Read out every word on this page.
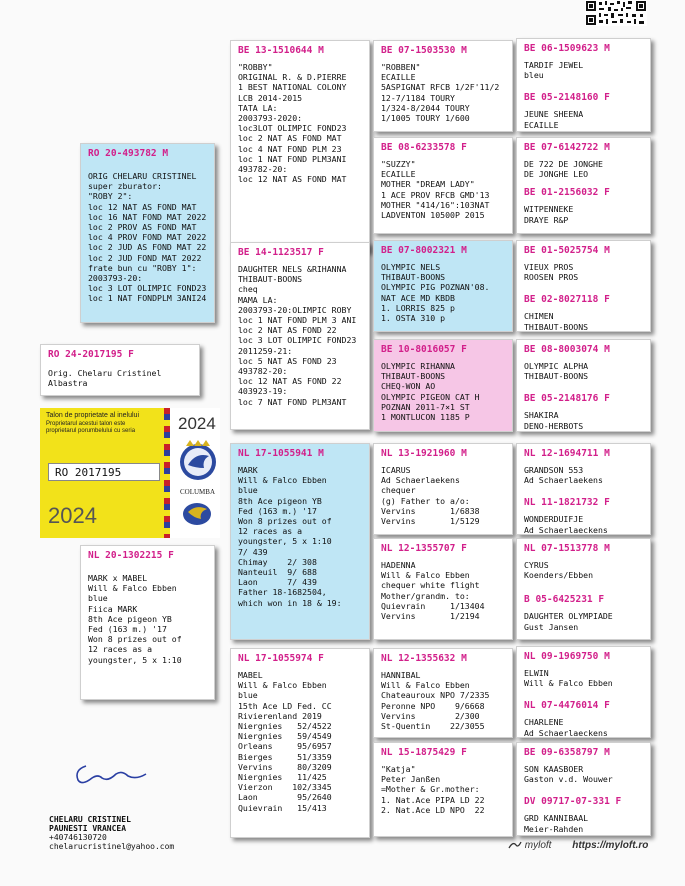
BE 13-1510644 M
"ROBBY"
ORIGINAL R. & D.PIERRE
1 BEST NATIONAL COLONY
LCB 2014-2015
TATA LA:
2003793-2020:
loc3LOT OLIMPIC FOND23
loc 2 NAT AS FOND MAT
loc 4 NAT FOND PLM 23
loc 1 NAT FOND PLM3ANI
493782-20:
loc 12 NAT AS FOND MAT
BE 14-1123517 F
DAUGHTER NELS &RIHANNA
THIBAUT-BOONS
cheq
MAMA LA:
2003793-20:OLIMPIC ROBY
loc 1 NAT FOND PLM 3 ANI
loc 2 NAT AS FOND 22
loc 3 LOT OLIMPIC FOND23
2011259-21:
loc 5 NAT AS FOND 23
493782-20:
loc 12 NAT AS FOND 22
403923-19:
loc 7 NAT FOND PLM3ANT
NL 17-1055941 M
MARK
Will & Falco Ebben
blue
8th Ace pigeon YB
Fed (163 m.) '17
Won 8 prizes out of
12 races as a
youngster, 5 x 1:10
7/ 439
Chimay    2/ 308
Nanteuil  9/ 688
Laon      7/ 439
Father 18-1682504,
which won in 18 & 19:
NL 17-1055974 F
MABEL
Will & Falco Ebben
blue
15th Ace LD Fed. CC
Rivierenland 2019
Niergnies   52/4522
Niergnies   59/4549
Orleans     95/6957
Bierges     51/3359
Vervins     80/3209
Niergnies   11/425
Vierzon    102/3345
Laon        95/2640
Quievrain   15/413
BE 07-1503530 M
"ROBBEN"
ECAILLE
5ASPIGNAT RFCB 1/2F'11/2
12-7/1184 TOURY
1/324-8/2044 TOURY
1/1005 TOURY 1/600
BE 08-6233578 F
"SUZZY"
ECAILLE
MOTHER "DREAM LADY"
1 ACE PROV RFCB GMD'13
MOTHER "414/16":103NAT
LADVENTON 10500P 2015
BE 07-8002321 M
OLYMPIC NELS
THIBAUT-BOONS
OLYMPIC PIG POZNAN'08.
NAT ACE MD KBDB
1. LORRIS 825 p
1. OSTA 310 p
BE 10-8016057 F
OLYMPIC RIHANNA
THIBAUT-BOONS
CHEQ-WON AO
OLYMPIC PIGEON CAT H
POZNAN 2011-7×1 ST
1 MONTLUCON 1185 P
NL 13-1921960 M
ICARUS
Ad Schaerlaekens
chequer
(g) Father to a/o:
Vervins       1/6838
Vervins       1/5129
NL 12-1355707 F
HADENNA
Will & Falco Ebben
chequer white flight
Mother/grandm. to:
Quievrain     1/13404
Vervins       1/2194
NL 12-1355632 M
HANNIBAL
Will & Falco Ebben
Chateauroux NPO 7/2335
Peronne NPO    9/6668
Vervins        2/300
St-Quentin    22/3055
NL 15-1875429 F
"Katja"
Peter Janßen
=Mother & Gr.mother:
1. Nat.Ace PIPA LD 22
2. Nat.Ace LD NPO  22
BE 06-1509623 M
TARDIF JEWEL
bleu
BE 05-2148160 F
JEUNE SHEENA
ECAILLE
BE 07-6142722 M
DE 722 DE JONGHE
DE JONGHE LEO
BE 01-2156032 F
WITPENNEKE
DRAYE R&P
BE 01-5025754 M
VIEUX PROS
ROOSEN PROS
BE 02-8027118 F
CHIMEN
THIBAUT-BOONS
BE 08-8003074 M
OLYMPIC ALPHA
THIBAUT-BOONS
BE 05-2148176 F
SHAKIRA
DENO-HERBOTS
NL 12-1694711 M
GRANDSON 553
Ad Schaerlaekens
NL 11-1821732 F
WONDERDUIFJE
Ad Schaerlaeckens
NL 07-1513778 M
CYRUS
Koenders/Ebben
B 05-6425231 F
DAUGHTER OLYMPIADE
Gust Jansen
NL 09-1969750 M
ELWIN
Will & Falco Ebben
NL 07-4476014 F
CHARLENE
Ad Schaerlaeckens
BE 09-6358797 M
SON KAASBOER
Gaston v.d. Wouwer
DV 09717-07-331 F
GRD KANNIBAAL
Meier-Rahden
RO 20-493782 M
ORIG CHELARU CRISTINEL
super zburator:
"ROBY 2":
loc 12 NAT AS FOND MAT
loc 16 NAT FOND MAT 2022
loc 2 PROV AS FOND MAT
loc 4 PROV FOND MAT 2022
loc 2 JUD AS FOND MAT 22
loc 2 JUD FOND MAT 2022
frate bun cu "ROBY 1":
2003793-20:
loc 3 LOT OLIMPIC FOND23
loc 1 NAT FONDPLM 3ANI24
RO 24-2017195 F
Orig. Chelaru Cristinel
Albastra
Talon de proprietate al inelului
Proprietarul acestui talon este
proprietarul porumbelului cu seria
RO 2017195
2024
2024
COLUMBA
NL 20-1302215 F
MARK x MABEL
Will & Falco Ebben
blue
Fiica MARK
8th Ace pigeon YB
Fed (163 m.) '17
Won 8 prizes out of
12 races as a
youngster, 5 x 1:10
CHELARU CRISTINEL
PAUNESTI VRANCEA
+40746130720
chelarucristinel@yahoo.com	myloft https://myloft.ro
